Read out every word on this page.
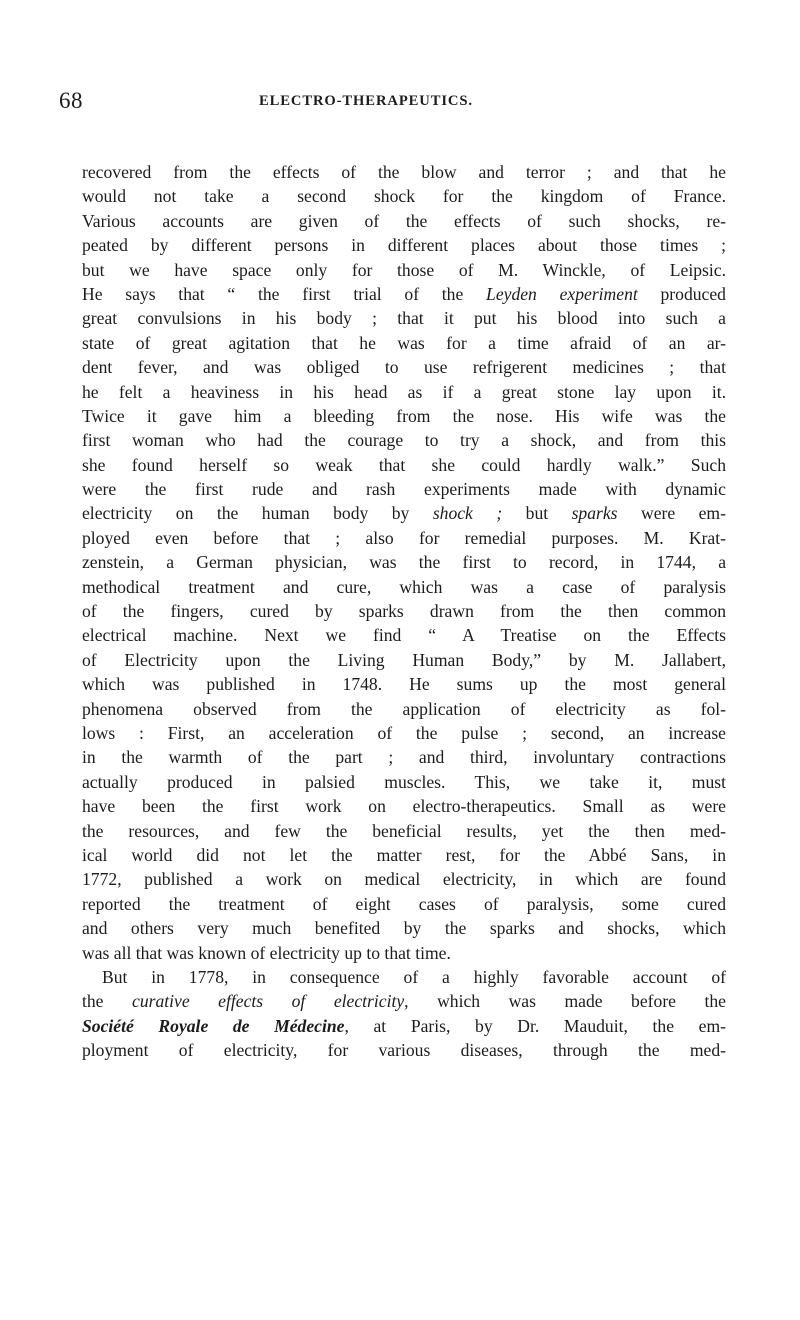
68	ELECTRO-THERAPEUTICS.
recovered from the effects of the blow and terror ; and that he
would not take a second shock for the kingdom of France.
Various accounts are given of the effects of such shocks, re-
peated by different persons in different places about those times ;
but we have space only for those of M. Winckle, of Leipsic.
He says that “ the first trial of the Leyden experiment produced
great convulsions in his body ; that it put his blood into such a
state of great agitation that he was for a time afraid of an ar-
dent fever, and was obliged to use refrigerent medicines ; that
he felt a heaviness in his head as if a great stone lay upon it.
Twice it gave him a bleeding from the nose. His wife was the
first woman who had the courage to try a shock, and from this
she found herself so weak that she could hardly walk.” Such
were the first rude and rash experiments made with dynamic
electricity on the human body by shock ; but sparks were em-
ployed even before that ; also for remedial purposes. M. Krat-
zenstein, a German physician, was the first to record, in 1744, a
methodical treatment and cure, which was a case of paralysis
of the fingers, cured by sparks drawn from the then common
electrical machine. Next we find “ A Treatise on the Effects
of Electricity upon the Living Human Body,” by M. Jallabert,
which was published in 1748. He sums up the most general
phenomena observed from the application of electricity as fol-
lows : First, an acceleration of the pulse ; second, an increase
in the warmth of the part ; and third, involuntary contractions
actually produced in palsied muscles. This, we take it, must
have been the first work on electro-therapeutics. Small as were
the resources, and few the beneficial results, yet the then med-
ical world did not let the matter rest, for the Abbé Sans, in
1772, published a work on medical electricity, in which are found
reported the treatment of eight cases of paralysis, some cured
and others very much benefited by the sparks and shocks, which
was all that was known of electricity up to that time.
But in 1778, in consequence of a highly favorable account of
the curative effects of electricity, which was made before the
Société Royale de Médecine, at Paris, by Dr. Mauduit, the em-
ployment of electricity, for various diseases, through the med-
